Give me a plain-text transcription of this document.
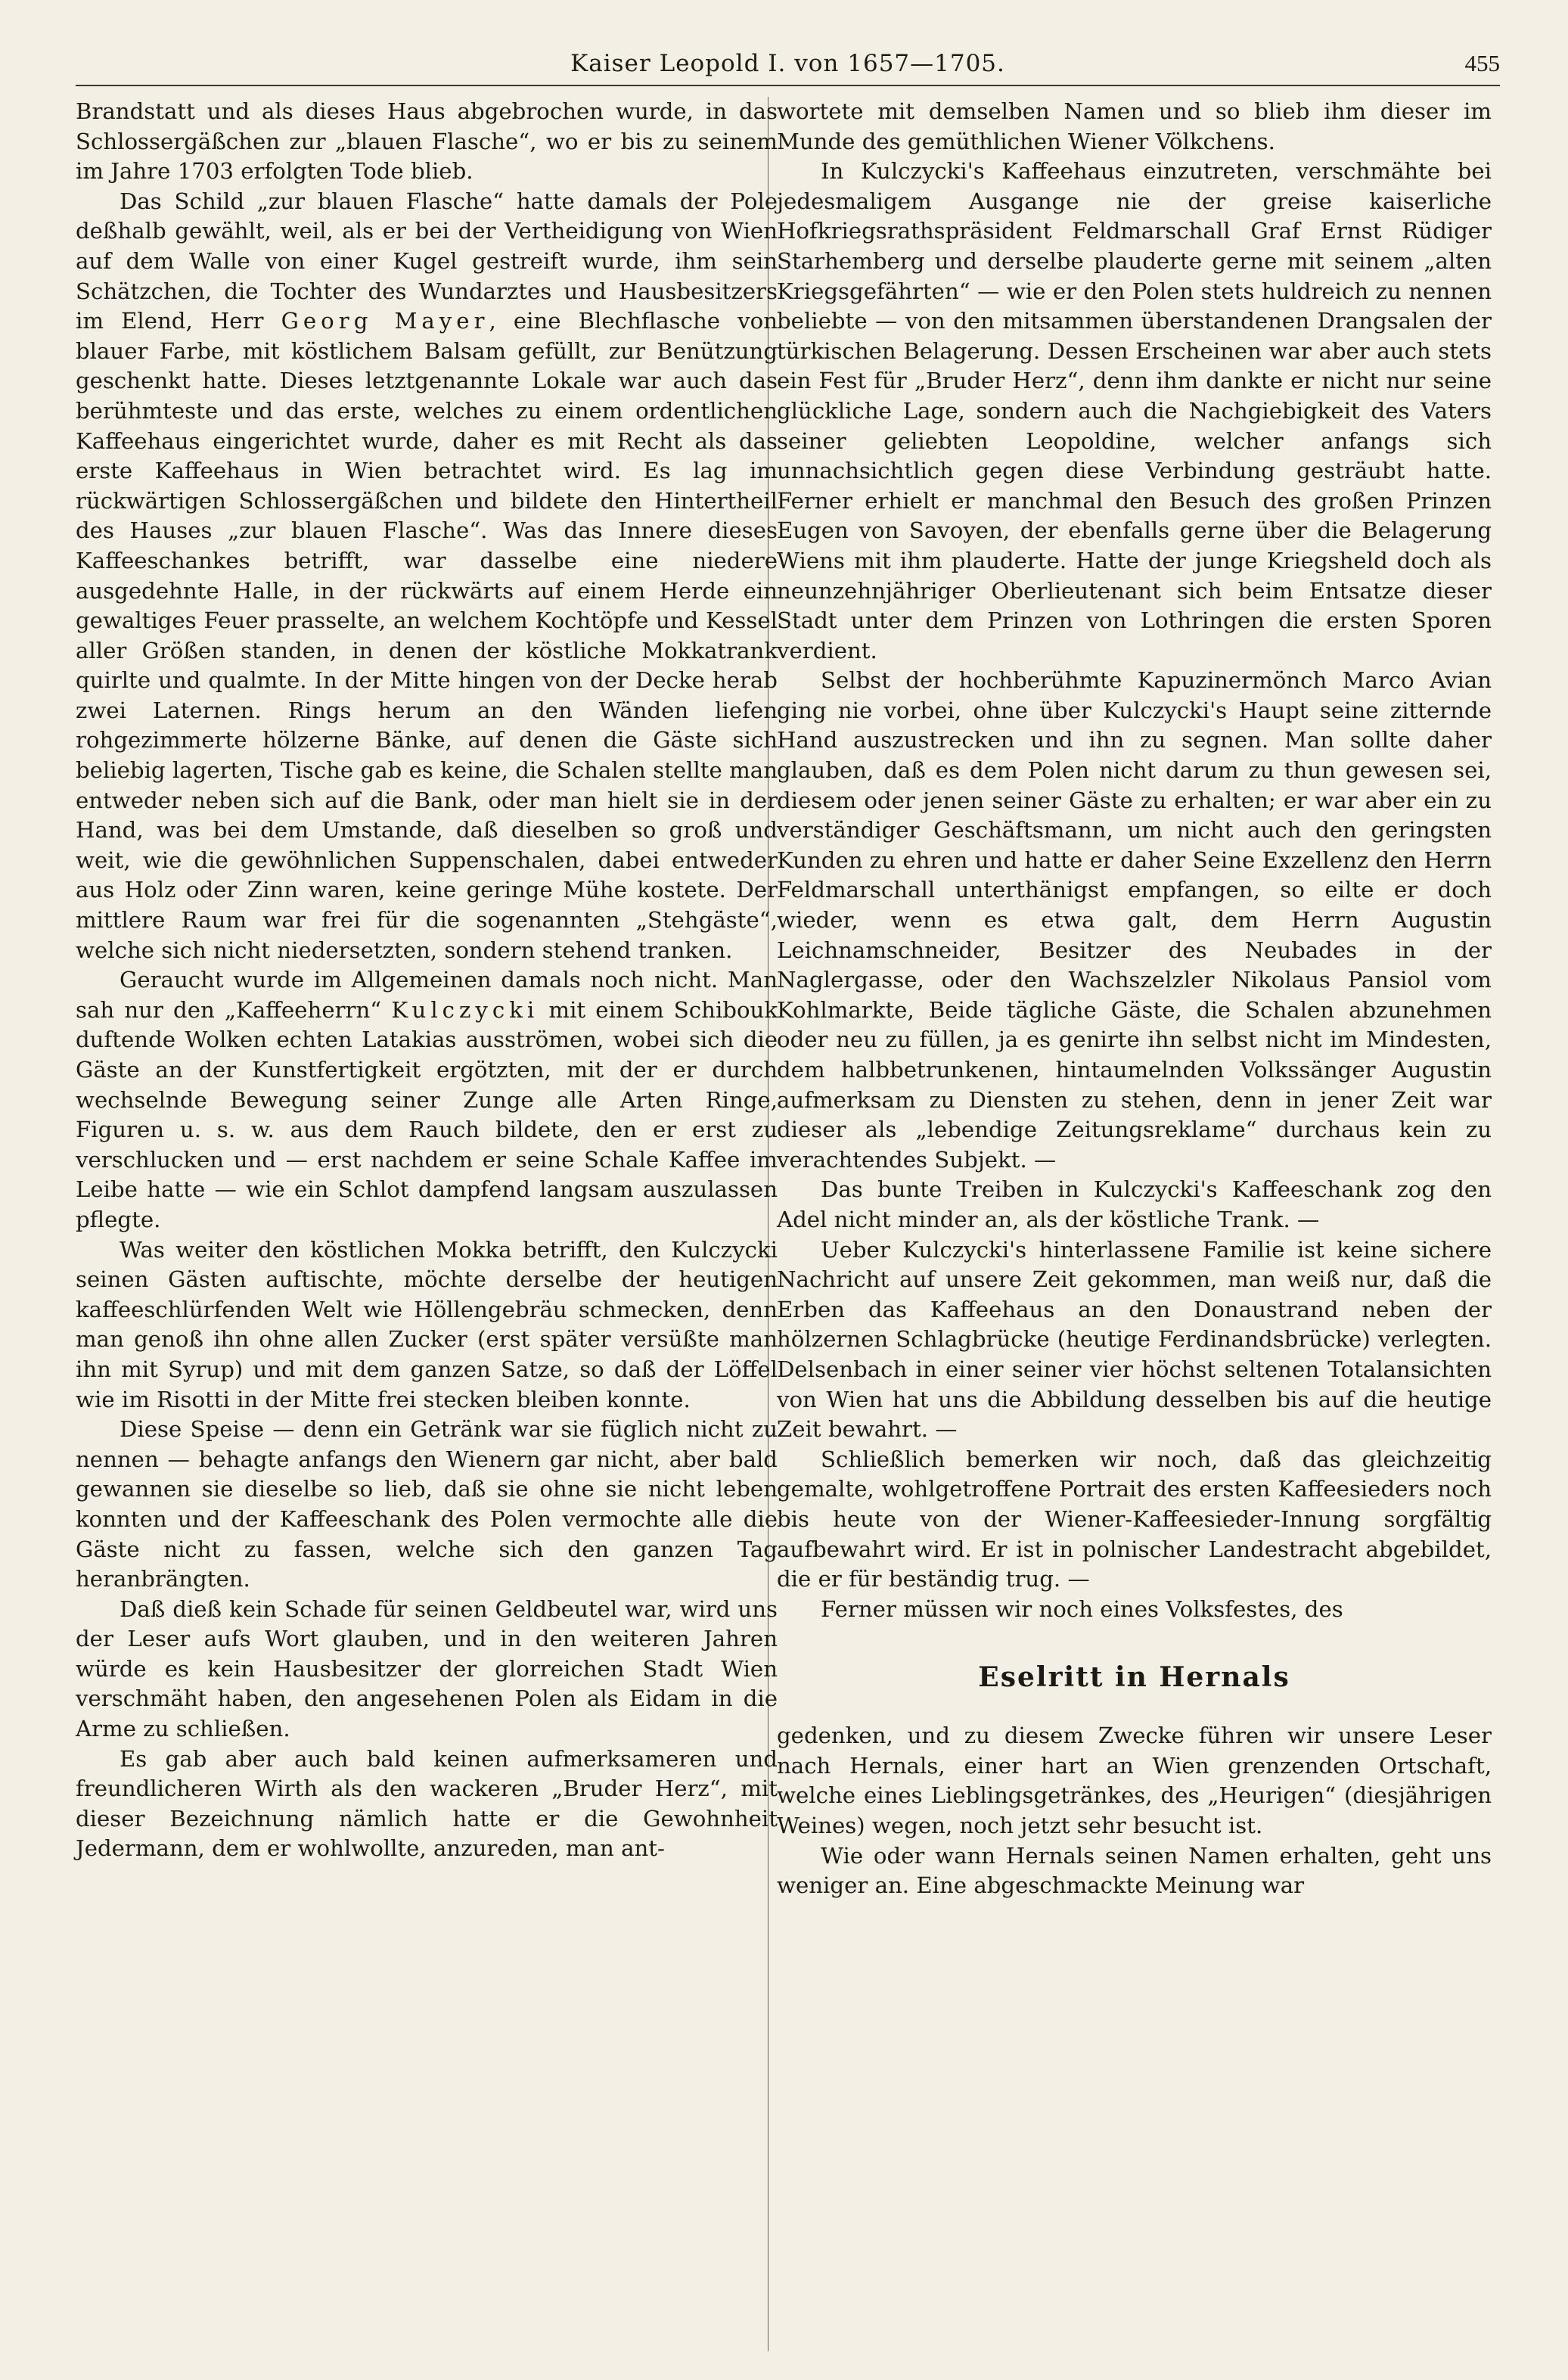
Kaiser Leopold I. von 1657—1705.	455

Brandstatt und als dieses Haus abgebrochen wurde, in das Schlossergäßchen zur „blauen Flasche“, wo er bis zu seinem im Jahre 1703 erfolgten Tode blieb.

Das Schild „zur blauen Flasche“ hatte damals der Pole deßhalb gewählt, weil, als er bei der Vertheidigung von Wien auf dem Walle von einer Kugel gestreift wurde, ihm sein Schätzchen, die Tochter des Wundarztes und Hausbesitzers im Elend, Herr Georg Mayer, eine Blechflasche von blauer Farbe, mit köstlichem Balsam gefüllt, zur Benützung geschenkt hatte. Dieses letztgenannte Lokale war auch das berühmteste und das erste, welches zu einem ordentlichen Kaffeehaus eingerichtet wurde, daher es mit Recht als das erste Kaffeehaus in Wien betrachtet wird. Es lag im rückwärtigen Schlossergäßchen und bildete den Hintertheil des Hauses „zur blauen Flasche“. Was das Innere dieses Kaffeeschankes betrifft, war dasselbe eine niedere ausgedehnte Halle, in der rückwärts auf einem Herde ein gewaltiges Feuer prasselte, an welchem Kochtöpfe und Kessel aller Größen standen, in denen der köstliche Mokkatrank quirlte und qualmte. In der Mitte hingen von der Decke herab zwei Laternen. Rings herum an den Wänden liefen rohgezimmerte hölzerne Bänke, auf denen die Gäste sich beliebig lagerten, Tische gab es keine, die Schalen stellte man entweder neben sich auf die Bank, oder man hielt sie in der Hand, was bei dem Umstande, daß dieselben so groß und weit, wie die gewöhnlichen Suppenschalen, dabei entweder aus Holz oder Zinn waren, keine geringe Mühe kostete. Der mittlere Raum war frei für die sogenannten „Stehgäste“, welche sich nicht niedersetzten, sondern stehend tranken.

Geraucht wurde im Allgemeinen damals noch nicht. Man sah nur den „Kaffeeherrn“ Kulczycki mit einem Schibouk duftende Wolken echten Latakias ausströmen, wobei sich die Gäste an der Kunstfertigkeit ergötzten, mit der er durch wechselnde Bewegung seiner Zunge alle Arten Ringe, Figuren u. s. w. aus dem Rauch bildete, den er erst zu verschlucken und — erst nachdem er seine Schale Kaffee im Leibe hatte — wie ein Schlot dampfend langsam auszulassen pflegte.

Was weiter den köstlichen Mokka betrifft, den Kulczycki seinen Gästen auftischte, möchte derselbe der heutigen kaffeeschlürfenden Welt wie Höllengebräu schmecken, denn man genoß ihn ohne allen Zucker (erst später versüßte man ihn mit Syrup) und mit dem ganzen Satze, so daß der Löffel wie im Risotti in der Mitte frei stecken bleiben konnte.

Diese Speise — denn ein Getränk war sie füglich nicht zu nennen — behagte anfangs den Wienern gar nicht, aber bald gewannen sie dieselbe so lieb, daß sie ohne sie nicht leben konnten und der Kaffeeschank des Polen vermochte alle die Gäste nicht zu fassen, welche sich den ganzen Tag heranbrängten.

Daß dieß kein Schade für seinen Geldbeutel war, wird uns der Leser aufs Wort glauben, und in den weiteren Jahren würde es kein Hausbesitzer der glorreichen Stadt Wien verschmäht haben, den angesehenen Polen als Eidam in die Arme zu schließen.

Es gab aber auch bald keinen aufmerksameren und freundlicheren Wirth als den wackeren „Bruder Herz“, mit dieser Bezeichnung nämlich hatte er die Gewohnheit Jedermann, dem er wohlwollte, anzureden, man ant-

wortete mit demselben Namen und so blieb ihm dieser im Munde des gemüthlichen Wiener Völkchens.

In Kulczycki's Kaffeehaus einzutreten, verschmähte bei jedesmaligem Ausgange nie der greise kaiserliche Hofkriegsrathspräsident Feldmarschall Graf Ernst Rüdiger Starhemberg und derselbe plauderte gerne mit seinem „alten Kriegsgefährten“ — wie er den Polen stets huldreich zu nennen beliebte — von den mitsammen überstandenen Drangsalen der türkischen Belagerung. Dessen Erscheinen war aber auch stets ein Fest für „Bruder Herz“, denn ihm dankte er nicht nur seine glückliche Lage, sondern auch die Nachgiebigkeit des Vaters seiner geliebten Leopoldine, welcher anfangs sich unnachsichtlich gegen diese Verbindung gesträubt hatte. Ferner erhielt er manchmal den Besuch des großen Prinzen Eugen von Savoyen, der ebenfalls gerne über die Belagerung Wiens mit ihm plauderte. Hatte der junge Kriegsheld doch als neunzehnjähriger Oberlieutenant sich beim Entsatze dieser Stadt unter dem Prinzen von Lothringen die ersten Sporen verdient.

Selbst der hochberühmte Kapuzinermönch Marco Avian ging nie vorbei, ohne über Kulczycki's Haupt seine zitternde Hand auszustrecken und ihn zu segnen. Man sollte daher glauben, daß es dem Polen nicht darum zu thun gewesen sei, diesem oder jenen seiner Gäste zu erhalten; er war aber ein zu verständiger Geschäftsmann, um nicht auch den geringsten Kunden zu ehren und hatte er daher Seine Exzellenz den Herrn Feldmarschall unterthänigst empfangen, so eilte er doch wieder, wenn es etwa galt, dem Herrn Augustin Leichnamschneider, Besitzer des Neubades in der Naglergasse, oder den Wachszelzler Nikolaus Pansiol vom Kohlmarkte, Beide tägliche Gäste, die Schalen abzunehmen oder neu zu füllen, ja es genirte ihn selbst nicht im Mindesten, dem halbbetrunkenen, hintaumelnden Volkssänger Augustin aufmerksam zu Diensten zu stehen, denn in jener Zeit war dieser als „lebendige Zeitungsreklame“ durchaus kein zu verachtendes Subjekt. —

Das bunte Treiben in Kulczycki's Kaffeeschank zog den Adel nicht minder an, als der köstliche Trank. —

Ueber Kulczycki's hinterlassene Familie ist keine sichere Nachricht auf unsere Zeit gekommen, man weiß nur, daß die Erben das Kaffeehaus an den Donaustrand neben der hölzernen Schlagbrücke (heutige Ferdinandsbrücke) verlegten. Delsenbach in einer seiner vier höchst seltenen Totalansichten von Wien hat uns die Abbildung desselben bis auf die heutige Zeit bewahrt. —

Schließlich bemerken wir noch, daß das gleichzeitig gemalte, wohlgetroffene Portrait des ersten Kaffeesieders noch bis heute von der Wiener-Kaffeesieder-Innung sorgfältig aufbewahrt wird. Er ist in polnischer Landestracht abgebildet, die er für beständig trug. —

Ferner müssen wir noch eines Volksfestes, des

Eselritt in Hernals

gedenken, und zu diesem Zwecke führen wir unsere Leser nach Hernals, einer hart an Wien grenzenden Ortschaft, welche eines Lieblingsgetränkes, des „Heurigen“ (diesjährigen Weines) wegen, noch jetzt sehr besucht ist.

Wie oder wann Hernals seinen Namen erhalten, geht uns weniger an. Eine abgeschmackte Meinung war
